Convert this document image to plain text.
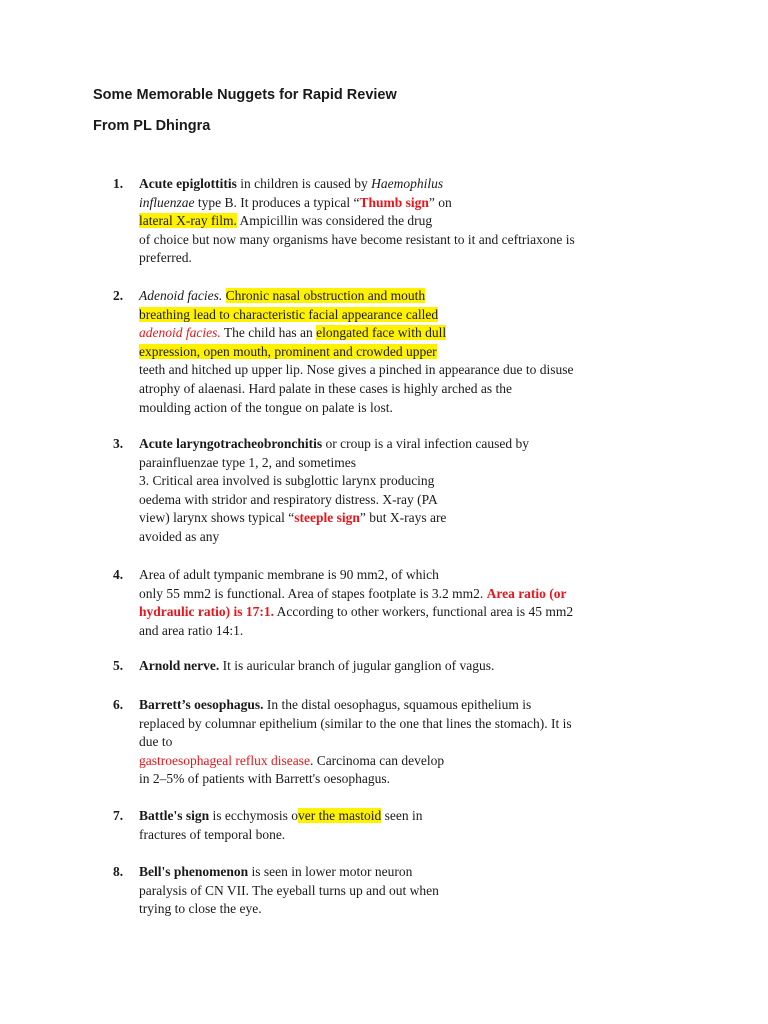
Some Memorable Nuggets for Rapid Review
From PL Dhingra
1. Acute epiglottitis in children is caused by Haemophilus
influenzae type B. It produces a typical “Thumb sign” on
lateral X-ray film. Ampicillin was considered the drug
of choice but now many organisms have become resistant to it and ceftriaxone is
preferred.
2. Adenoid facies. Chronic nasal obstruction and mouth
breathing lead to characteristic facial appearance called
adenoid facies. The child has an elongated face with dull
expression, open mouth, prominent and crowded upper
teeth and hitched up upper lip. Nose gives a pinched in appearance due to disuse
atrophy of alaenasi. Hard palate in these cases is highly arched as the
moulding action of the tongue on palate is lost.
3. Acute laryngotracheobronchitis or croup is a viral infection caused by
parainfluenzae type 1, 2, and sometimes
3. Critical area involved is subglottic larynx producing
oedema with stridor and respiratory distress. X-ray (PA
view) larynx shows typical “steeple sign” but X-rays are
avoided as any
4. Area of adult tympanic membrane is 90 mm2, of which
only 55 mm2 is functional. Area of stapes footplate is 3.2 mm2. Area ratio (or
hydraulic ratio) is 17:1. According to other workers, functional area is 45 mm2
and area ratio 14:1.
5. Arnold nerve. It is auricular branch of jugular ganglion of vagus.
6. Barrett’s oesophagus. In the distal oesophagus, squamous epithelium is
replaced by columnar epithelium (similar to the one that lines the stomach). It is
due to
gastroesophageal reflux disease. Carcinoma can develop
in 2–5% of patients with Barrett's oesophagus.
7. Battle's sign is ecchymosis over the mastoid seen in
fractures of temporal bone.
8. Bell's phenomenon is seen in lower motor neuron
paralysis of CN VII. The eyeball turns up and out when
trying to close the eye.
